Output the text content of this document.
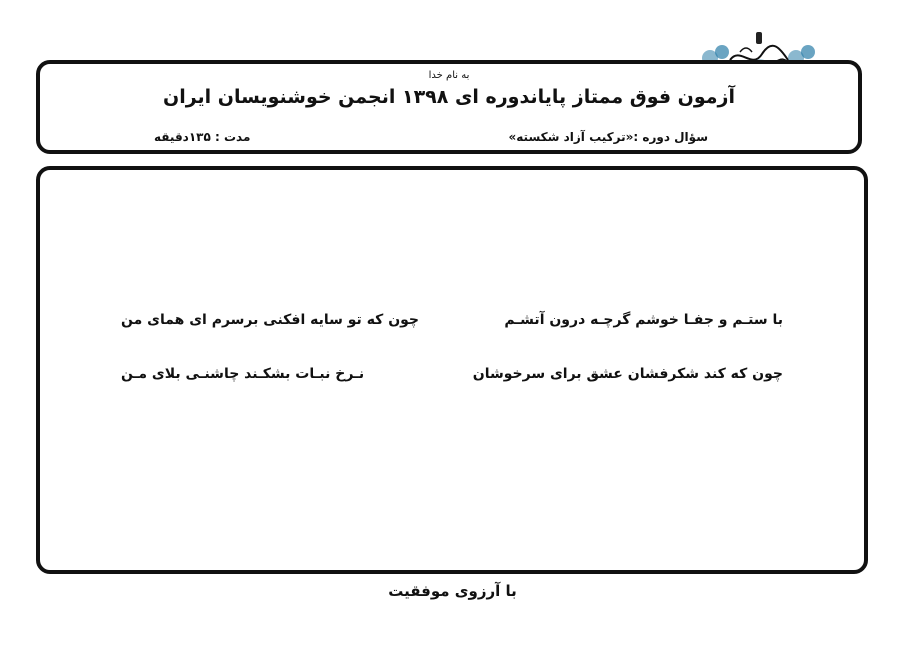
به نام خدا
آزمون فوق ممتاز پایاندوره ای ۱۳۹۸ انجمن خوشنویسان ایران
سؤال دوره :«ترکیب آزاد شکسته»
مدت : ۱۳۵دقیقه
با ستـم و جفـا خوشم گرچـه درون آتشـم
چون که تو سایه افکنی برسرم ای همای من
چون که کند شکرفشان عشق برای سرخوشان
نـرخ نبـات بشکـند چاشنـی بلای مـن
با آرزوی موفقیت
